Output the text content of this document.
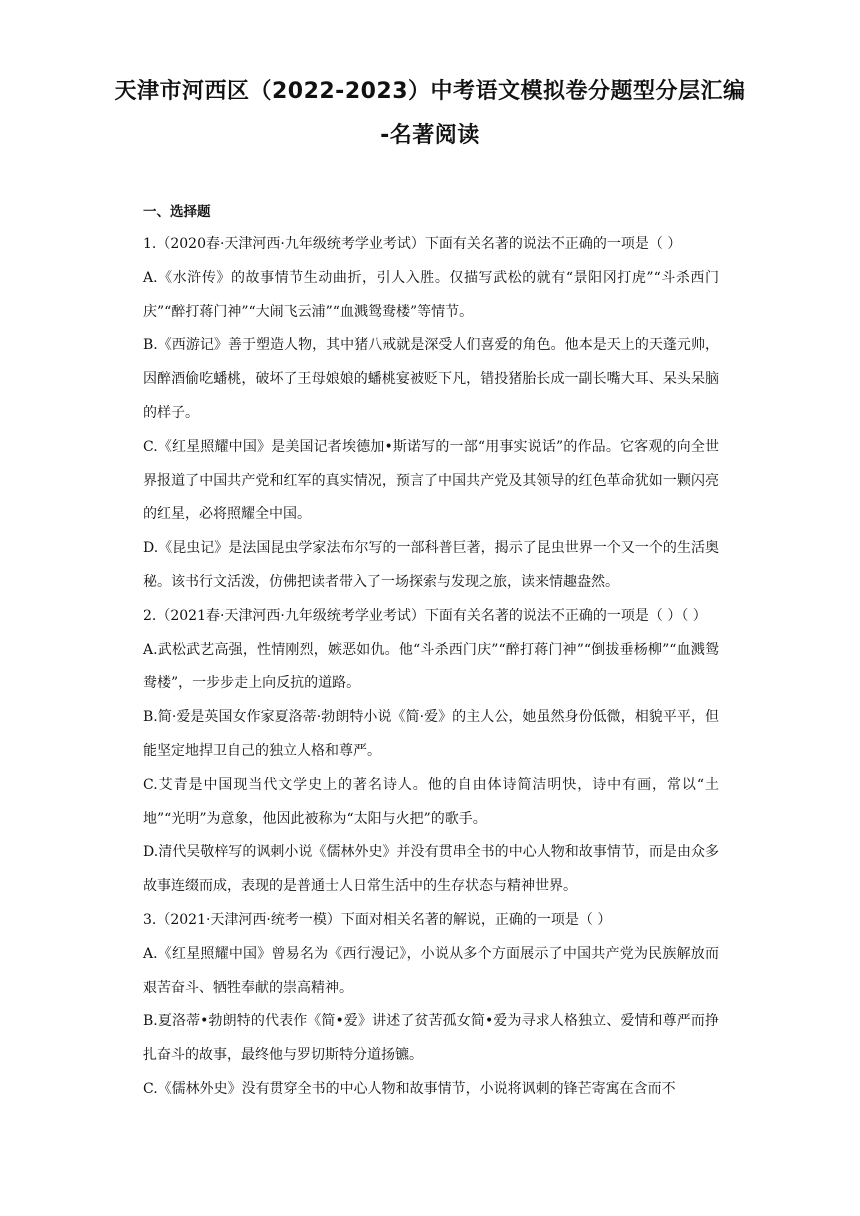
天津市河西区（2022-2023）中考语文模拟卷分题型分层汇编
-名著阅读
一、选择题

1.（2020春·天津河西·九年级统考学业考试）下面有关名著的说法不正确的一项是（ ）

A.《水浒传》的故事情节生动曲折，引人入胜。仅描写武松的就有“景阳冈打虎”“斗杀西门庆”“醉打蒋门神”“大闹飞云浦”“血溅鸳鸯楼”等情节。

B.《西游记》善于塑造人物，其中猪八戒就是深受人们喜爱的角色。他本是天上的天蓬元帅，因醉酒偷吃蟠桃，破坏了王母娘娘的蟠桃宴被贬下凡，错投猪胎长成一副长嘴大耳、呆头呆脑的样子。

C.《红星照耀中国》是美国记者埃德加•斯诺写的一部“用事实说话”的作品。它客观的向全世界报道了中国共产党和红军的真实情况，预言了中国共产党及其领导的红色革命犹如一颗闪亮的红星，必将照耀全中国。

D.《昆虫记》是法国昆虫学家法布尔写的一部科普巨著，揭示了昆虫世界一个又一个的生活奥秘。该书行文活泼，仿佛把读者带入了一场探索与发现之旅，读来情趣盎然。

2.（2021春·天津河西·九年级统考学业考试）下面有关名著的说法不正确的一项是（ ）（ ）

A.武松武艺高强，性情刚烈，嫉恶如仇。他“斗杀西门庆”“醉打蒋门神”“倒拔垂杨柳”“血溅鸳鸯楼”，一步步走上向反抗的道路。

B.简·爱是英国女作家夏洛蒂·勃朗特小说《简·爱》的主人公，她虽然身份低微，相貌平平，但能坚定地捍卫自己的独立人格和尊严。

C.艾青是中国现当代文学史上的著名诗人。他的自由体诗简洁明快，诗中有画，常以“土地”“光明”为意象，他因此被称为“太阳与火把”的歌手。

D.清代吴敬梓写的讽刺小说《儒林外史》并没有贯串全书的中心人物和故事情节，而是由众多故事连缀而成，表现的是普通士人日常生活中的生存状态与精神世界。

3.（2021·天津河西·统考一模）下面对相关名著的解说，正确的一项是（ ）

A.《红星照耀中国》曾易名为《西行漫记》，小说从多个方面展示了中国共产党为民族解放而艰苦奋斗、牺牲奉献的崇高精神。

B.夏洛蒂•勃朗特的代表作《简•爱》讲述了贫苦孤女简•爱为寻求人格独立、爱情和尊严而挣扎奋斗的故事，最终他与罗切斯特分道扬镳。

C.《儒林外史》没有贯穿全书的中心人物和故事情节，小说将讽刺的锋芒寄寓在含而不
